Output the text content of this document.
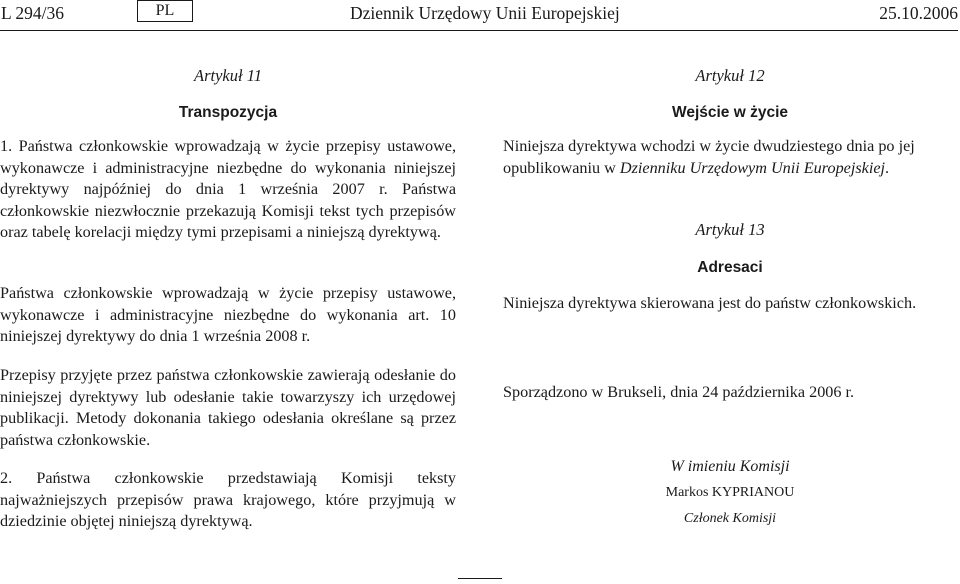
L 294/36	PL	Dziennik Urzędowy Unii Europejskiej	25.10.2006
Artykuł 11
Transpozycja

1. Państwa członkowskie wprowadzają w życie przepisy ustawowe, wykonawcze i administracyjne niezbędne do wykonania niniejszej dyrektywy najpóźniej do dnia 1 września 2007 r. Państwa członkowskie niezwłocznie przekazują Komisji tekst tych przepisów oraz tabelę korelacji między tymi przepisami a niniejszą dyrektywą.

Państwa członkowskie wprowadzają w życie przepisy ustawowe, wykonawcze i administracyjne niezbędne do wykonania art. 10 niniejszej dyrektywy do dnia 1 września 2008 r.

Przepisy przyjęte przez państwa członkowskie zawierają odesłanie do niniejszej dyrektywy lub odesłanie takie towarzyszy ich urzędowej publikacji. Metody dokonania takiego odesłania określane są przez państwa członkowskie.

2. Państwa członkowskie przedstawiają Komisji teksty najważniejszych przepisów prawa krajowego, które przyjmują w dziedzinie objętej niniejszą dyrektywą.

Artykuł 12
Wejście w życie

Niniejsza dyrektywa wchodzi w życie dwudziestego dnia po jej opublikowaniu w Dzienniku Urzędowym Unii Europejskiej.

Artykuł 13
Adresaci

Niniejsza dyrektywa skierowana jest do państw członkowskich.

Sporządzono w Brukseli, dnia 24 października 2006 r.

W imieniu Komisji
Markos KYPRIANOU
Członek Komisji
